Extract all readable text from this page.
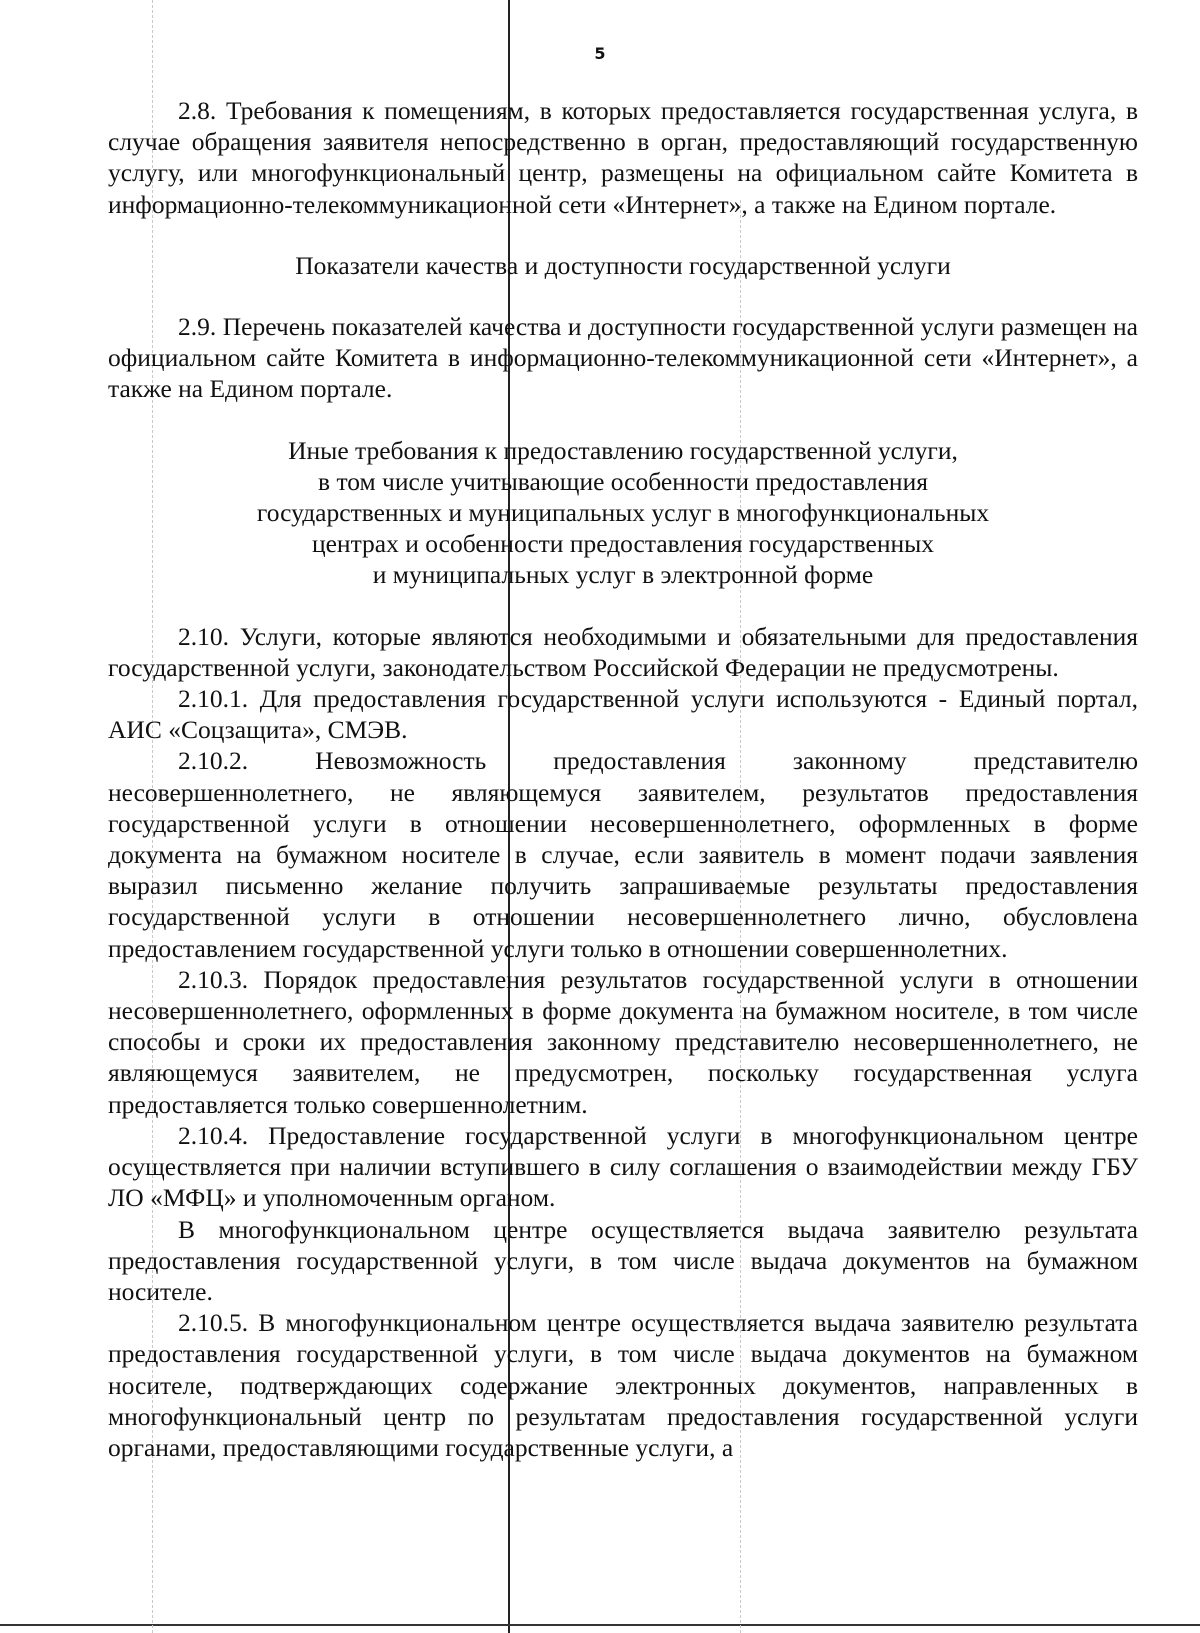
5

2.8. Требования к помещениям, в которых предоставляется государственная услуга, в случае обращения заявителя непосредственно в орган, предоставляющий государственную услугу, или многофункциональный центр, размещены на официальном сайте Комитета в информационно-телекоммуникационной сети «Интернет», а также на Едином портале.

Показатели качества и доступности государственной услуги

2.9. Перечень показателей качества и доступности государственной услуги размещен на официальном сайте Комитета в информационно-телекоммуникационной сети «Интернет», а также на Едином портале.

Иные требования к предоставлению государственной услуги,
в том числе учитывающие особенности предоставления
государственных и муниципальных услуг в многофункциональных
центрах и особенности предоставления государственных
и муниципальных услуг в электронной форме

2.10. Услуги, которые являются необходимыми и обязательными для предоставления государственной услуги, законодательством Российской Федерации не предусмотрены.

2.10.1. Для предоставления государственной услуги используются - Единый портал, АИС «Соцзащита», СМЭВ.

2.10.2. Невозможность предоставления законному представителю несовершеннолетнего, не являющемуся заявителем, результатов предоставления государственной услуги в отношении несовершеннолетнего, оформленных в форме документа на бумажном носителе в случае, если заявитель в момент подачи заявления выразил письменно желание получить запрашиваемые результаты предоставления государственной услуги в отношении несовершеннолетнего лично, обусловлена предоставлением государственной услуги только в отношении совершеннолетних.

2.10.3. Порядок предоставления результатов государственной услуги в отношении несовершеннолетнего, оформленных в форме документа на бумажном носителе, в том числе способы и сроки их предоставления законному представителю несовершеннолетнего, не являющемуся заявителем, не предусмотрен, поскольку государственная услуга предоставляется только совершеннолетним.

2.10.4. Предоставление государственной услуги в многофункциональном центре осуществляется при наличии вступившего в силу соглашения о взаимодействии между ГБУ ЛО «МФЦ» и уполномоченным органом.

В многофункциональном центре осуществляется выдача заявителю результата предоставления государственной услуги, в том числе выдача документов на бумажном носителе.

2.10.5. В многофункциональном центре осуществляется выдача заявителю результата предоставления государственной услуги, в том числе выдача документов на бумажном носителе, подтверждающих содержание электронных документов, направленных в многофункциональный центр по результатам предоставления государственной услуги органами, предоставляющими государственные услуги, а
